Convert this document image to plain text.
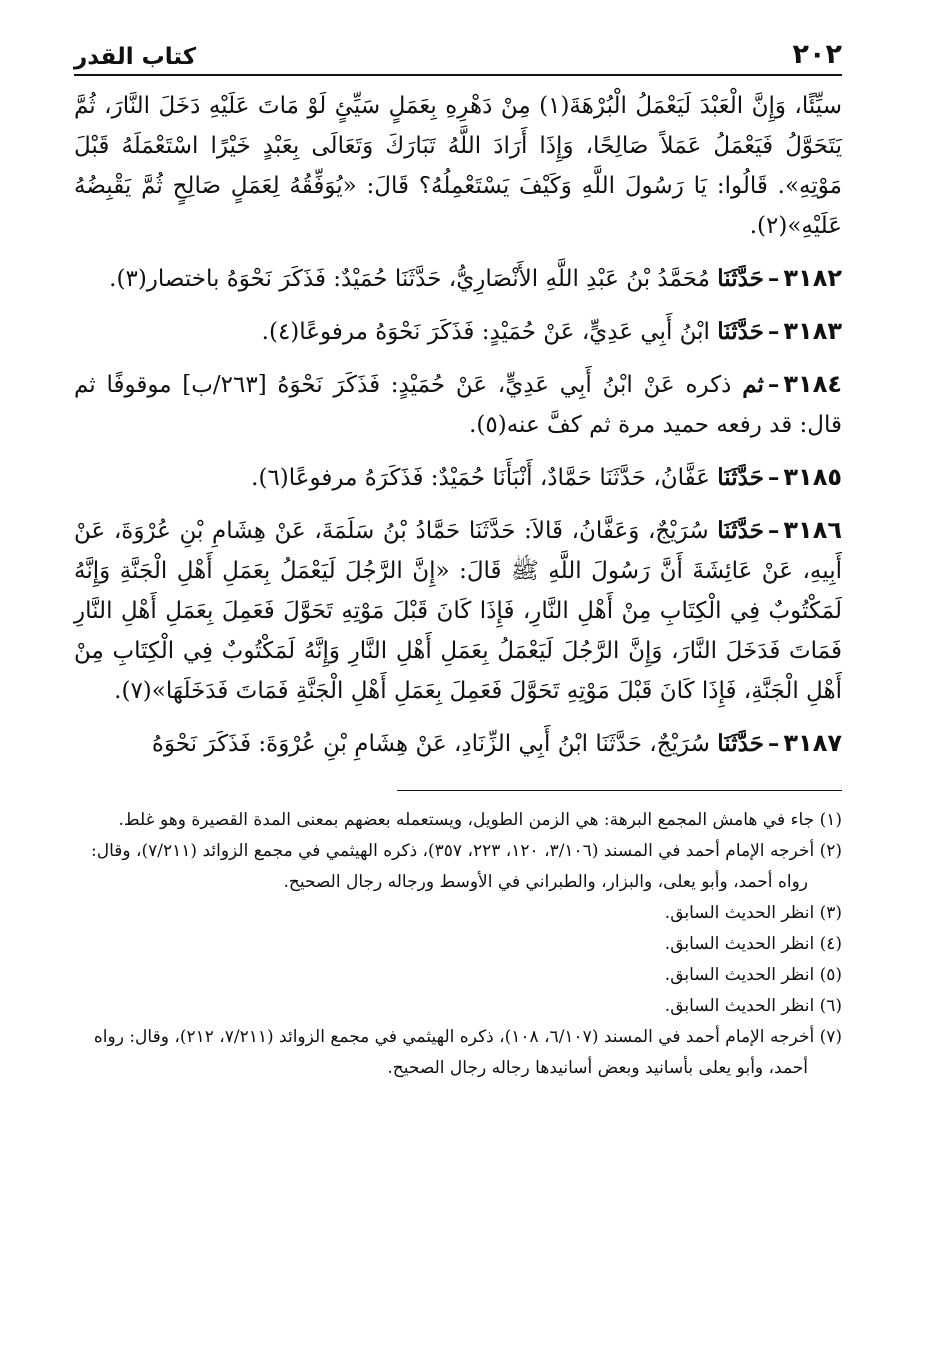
٢٠٢
كتاب القدر

سيِّئًا، وَإِنَّ الْعَبْدَ لَيَعْمَلُ الْبُرْهَةَ(١) مِنْ دَهْرِهِ بِعَمَلٍ سَيِّئٍ لَوْ مَاتَ عَلَيْهِ دَخَلَ النَّارَ، ثُمَّ يَتَحَوَّلُ فَيَعْمَلُ عَمَلاً صَالِحًا، وَإِذَا أَرَادَ اللَّهُ تَبَارَكَ وَتَعَالَى بِعَبْدٍ خَيْرًا اسْتَعْمَلَهُ قَبْلَ مَوْتِهِ». قَالُوا: يَا رَسُولَ اللَّهِ وَكَيْفَ يَسْتَعْمِلُهُ؟ قَالَ: «يُوَفِّقُهُ لِعَمَلٍ صَالِحٍ ثُمَّ يَقْبِضُهُ عَلَيْهِ»(٢).

٣١٨٢–حَدَّثَنَا مُحَمَّدُ بْنُ عَبْدِ اللَّهِ الأَنْصَارِيُّ، حَدَّثَنَا حُمَيْدٌ: فَذَكَرَ نَحْوَهُ باختصار(٣).

٣١٨٣–حَدَّثَنَا ابْنُ أَبِي عَدِيٍّ، عَنْ حُمَيْدٍ: فَذَكَرَ نَحْوَهُ مرفوعًا(٤).

٣١٨٤–ثم ذكره عَنْ ابْنُ أَبِي عَدِيٍّ، عَنْ حُمَيْدٍ: فَذَكَرَ نَحْوَهُ [٢٦٣/ب] موقوفًا ثم قال: قد رفعه حميد مرة ثم كفَّ عنه(٥).

٣١٨٥–حَدَّثَنَا عَفَّانُ، حَدَّثَنَا حَمَّادٌ، أَنْبَأَنَا حُمَيْدٌ: فَذَكَرَهُ مرفوعًا(٦).

٣١٨٦–حَدَّثَنَا سُرَيْجٌ، وَعَفَّانُ، قَالاَ: حَدَّثَنَا حَمَّادُ بْنُ سَلَمَةَ، عَنْ هِشَامِ بْنِ عُرْوَةَ، عَنْ أَبِيهِ، عَنْ عَائِشَةَ أَنَّ رَسُولَ اللَّهِ ﷺ قَالَ: «إِنَّ الرَّجُلَ لَيَعْمَلُ بِعَمَلِ أَهْلِ الْجَنَّةِ وَإِنَّهُ لَمَكْتُوبٌ فِي الْكِتَابِ مِنْ أَهْلِ النَّارِ، فَإِذَا كَانَ قَبْلَ مَوْتِهِ تَحَوَّلَ فَعَمِلَ بِعَمَلِ أَهْلِ النَّارِ فَمَاتَ فَدَخَلَ النَّارَ، وَإِنَّ الرَّجُلَ لَيَعْمَلُ بِعَمَلِ أَهْلِ النَّارِ وَإِنَّهُ لَمَكْتُوبٌ فِي الْكِتَابِ مِنْ أَهْلِ الْجَنَّةِ، فَإِذَا كَانَ قَبْلَ مَوْتِهِ تَحَوَّلَ فَعَمِلَ بِعَمَلِ أَهْلِ الْجَنَّةِ فَمَاتَ فَدَخَلَهَا»(٧).

٣١٨٧–حَدَّثَنَا سُرَيْجٌ، حَدَّثَنَا ابْنُ أَبِي الزِّنَادِ، عَنْ هِشَامِ بْنِ عُرْوَةَ: فَذَكَرَ نَحْوَهُ

(١) جاء في هامش المجمع البرهة: هي الزمن الطويل، ويستعمله بعضهم بمعنى المدة القصيرة وهو غلط.

(٢) أخرجه الإمام أحمد في المسند (٣/١٠٦، ١٢٠، ٢٢٣، ٣٥٧)، ذكره الهيثمي في مجمع الزوائد (٧/٢١١)، وقال: رواه أحمد، وأبو يعلى، والبزار، والطبراني في الأوسط ورجاله رجال الصحيح.

(٣) انظر الحديث السابق.

(٤) انظر الحديث السابق.

(٥) انظر الحديث السابق.

(٦) انظر الحديث السابق.

(٧) أخرجه الإمام أحمد في المسند (٦/١٠٧، ١٠٨)، ذكره الهيثمي في مجمع الزوائد (٧/٢١١، ٢١٢)، وقال: رواه أحمد، وأبو يعلى بأسانيد وبعض أسانيدها رجاله رجال الصحيح.
